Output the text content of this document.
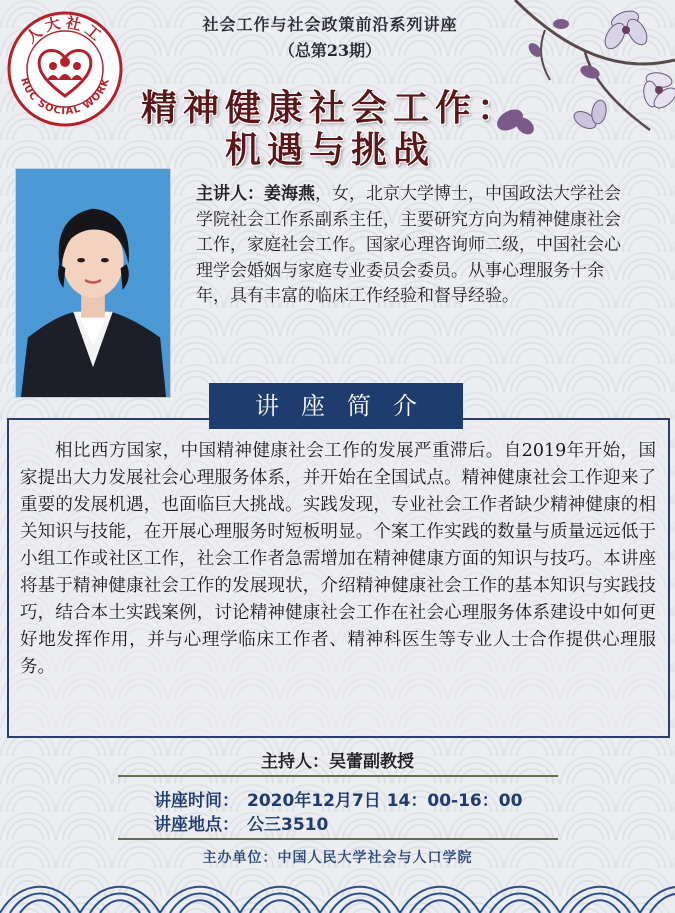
人大社工
RUC SOCIAL WORK
社会工作与社会政策前沿系列讲座
（总第23期）
精神健康社会工作：
机遇与挑战
主讲人：姜海燕，女，北京大学博士，中国政法大学社会学院社会工作系副系主任，主要研究方向为精神健康社会工作，家庭社会工作。国家心理咨询师二级，中国社会心理学会婚姻与家庭专业委员会委员。从事心理服务十余年，具有丰富的临床工作经验和督导经验。
讲座简介
相比西方国家，中国精神健康社会工作的发展严重滞后。自2019年开始，国家提出大力发展社会心理服务体系，并开始在全国试点。精神健康社会工作迎来了重要的发展机遇，也面临巨大挑战。实践发现，专业社会工作者缺少精神健康的相关知识与技能，在开展心理服务时短板明显。个案工作实践的数量与质量远远低于小组工作或社区工作，社会工作者急需增加在精神健康方面的知识与技巧。本讲座将基于精神健康社会工作的发展现状，介绍精神健康社会工作的基本知识与实践技巧，结合本土实践案例，讨论精神健康社会工作在社会心理服务体系建设中如何更好地发挥作用，并与心理学临床工作者、精神科医生等专业人士合作提供心理服务。
主持人：吴蕾副教授
讲座时间： 2020年12月7日 14：00-16：00
讲座地点： 公三3510
主办单位：中国人民大学社会与人口学院
